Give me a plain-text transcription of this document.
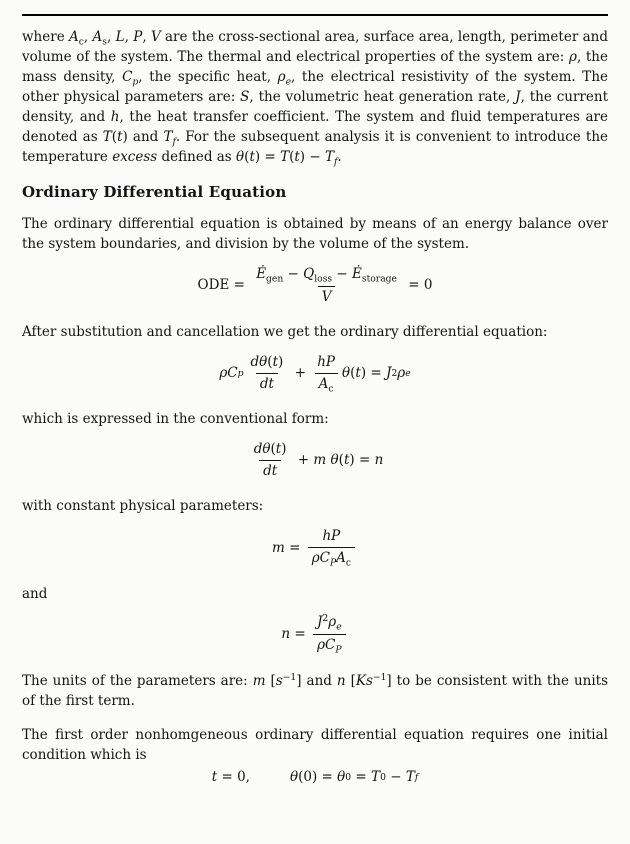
where $A_c$, $A_s$, L, P, V are the cross-sectional area, surface area, length, perimeter and volume of the system. The thermal and electrical properties of the system are: ρ, the mass density, $C_p$, the specific heat, $\rho_e$, the electrical resistivity of the system. The other physical parameters are: S, the volumetric heat generation rate, J, the current density, and h, the heat transfer coefficient. The system and fluid temperatures are denoted as T(t) and $T_f$. For the subsequent analysis it is convenient to introduce the temperature excess defined as $\theta(t) = T(t) - T_f$.

Ordinary Differential Equation

The ordinary differential equation is obtained by means of an energy balance over the system boundaries, and division by the volume of the system.

ODE = $\frac{Ė_{gen} - Q_{loss} - Ė_{storage}}{V} = 0$

After substitution and cancellation we get the ordinary differential equation:

ρ C p $\frac{d\theta(t)}{dt} + \frac{hP}{A_c}$ θ ( t ) = J 2 ρ e

which is expressed in the conventional form:

$\frac{d\theta(t)}{dt} + m$
θ ( t ) = n

with constant physical parameters:

$m = \frac{hP}{\rho C_PA_c}$

and

$n = \frac{J^2\rho_e}{\rho C_P}$

The units of the parameters are: m $[s^{-1}]$ and n $[Ks^{-1}]$ to be consistent with the units of the first term.

The first order nonhomgeneous ordinary differential equation requires one initial condition which is

t = 0,	θ (0) = θ 0 = T 0 − T f
